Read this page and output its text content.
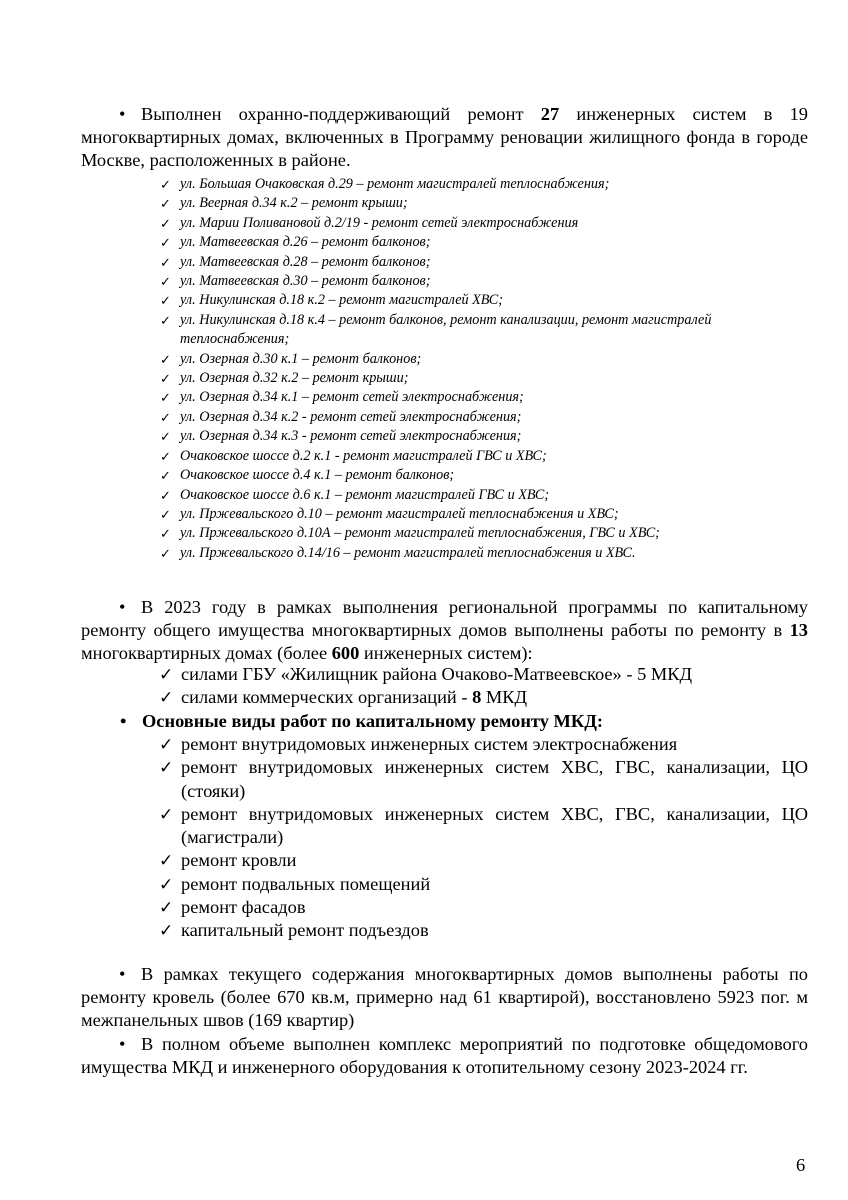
• Выполнен охранно-поддерживающий ремонт 27 инженерных систем в 19 многоквартирных домах, включенных в Программу реновации жилищного фонда в городе Москве, расположенных в районе.
✓ ул. Большая Очаковская д.29 – ремонт магистралей теплоснабжения;
✓ ул. Веерная д.34 к.2 – ремонт крыши;
✓ ул. Марии Поливановой д.2/19 - ремонт сетей электроснабжения
✓ ул. Матвеевская д.26 – ремонт балконов;
✓ ул. Матвеевская д.28 – ремонт балконов;
✓ ул. Матвеевская д.30 – ремонт балконов;
✓ ул. Никулинская д.18 к.2 – ремонт магистралей ХВС;
✓ ул. Никулинская д.18 к.4 – ремонт балконов, ремонт канализации, ремонт магистралей теплоснабжения;
✓ ул. Озерная д.30 к.1 – ремонт балконов;
✓ ул. Озерная д.32 к.2 – ремонт крыши;
✓ ул. Озерная д.34 к.1 – ремонт сетей электроснабжения;
✓ ул. Озерная д.34 к.2 - ремонт сетей электроснабжения;
✓ ул. Озерная д.34 к.3 - ремонт сетей электроснабжения;
✓ Очаковское шоссе д.2 к.1 - ремонт магистралей ГВС и ХВС;
✓ Очаковское шоссе д.4 к.1 – ремонт балконов;
✓ Очаковское шоссе д.6 к.1 – ремонт магистралей ГВС и ХВС;
✓ ул. Пржевальского д.10 – ремонт магистралей теплоснабжения и ХВС;
✓ ул. Пржевальского д.10А – ремонт магистралей теплоснабжения, ГВС и ХВС;
✓ ул. Пржевальского д.14/16 – ремонт магистралей теплоснабжения и ХВС.
• В 2023 году в рамках выполнения региональной программы по капитальному ремонту общего имущества многоквартирных домов выполнены работы по ремонту в 13 многоквартирных домах (более 600 инженерных систем):
✓ силами ГБУ «Жилищник района Очаково-Матвеевское» - 5 МКД
✓ силами коммерческих организаций - 8 МКД
• Основные виды работ по капитальному ремонту МКД:
✓ ремонт внутридомовых инженерных систем электроснабжения
✓ ремонт внутридомовых инженерных систем ХВС, ГВС, канализации, ЦО (стояки)
✓ ремонт внутридомовых инженерных систем ХВС, ГВС, канализации, ЦО (магистрали)
✓ ремонт кровли
✓ ремонт подвальных помещений
✓ ремонт фасадов
✓ капитальный ремонт подъездов
• В рамках текущего содержания многоквартирных домов выполнены работы по ремонту кровель (более 670 кв.м, примерно над 61 квартирой), восстановлено 5923 пог. м межпанельных швов (169 квартир)
• В полном объеме выполнен комплекс мероприятий по подготовке общедомового имущества МКД и инженерного оборудования к отопительному сезону 2023-2024 гг.
6
